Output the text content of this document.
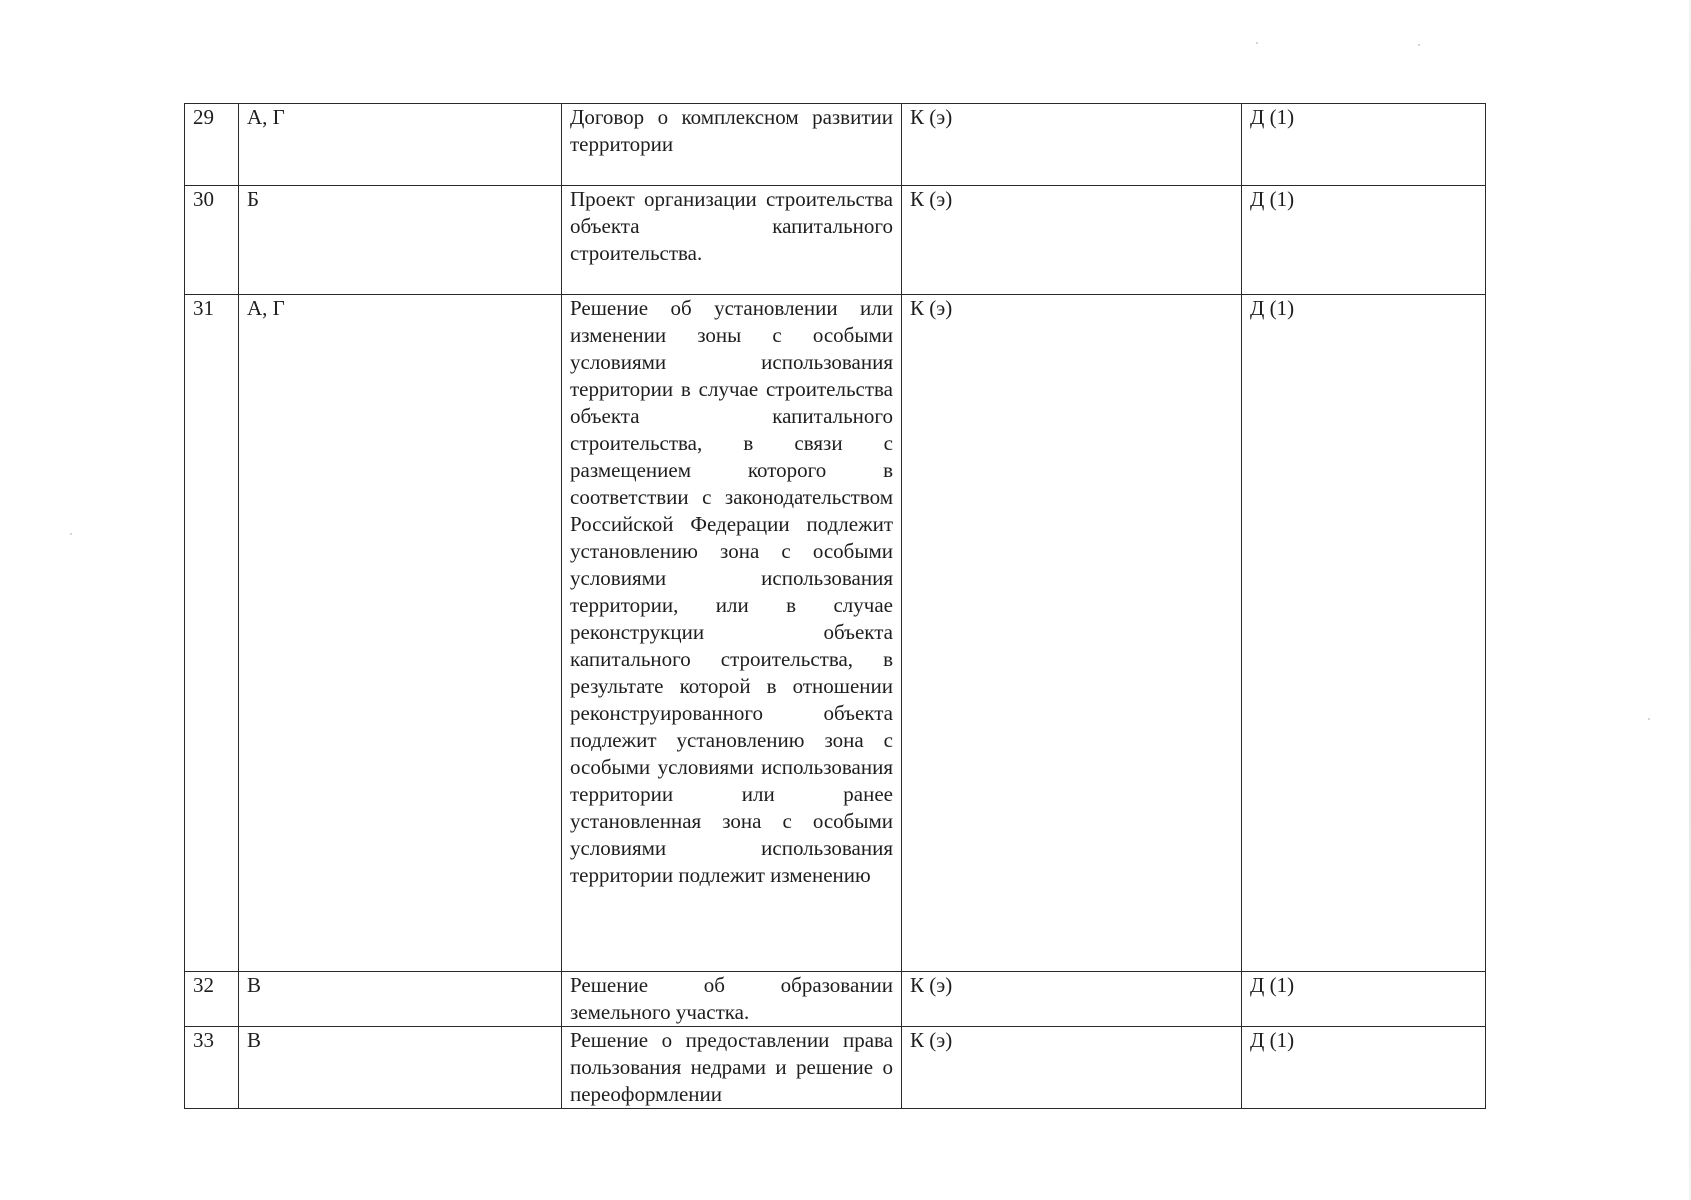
29	А, Г	Договор о комплексном развитии территории	К (э)	Д (1)
30	Б	Проект организации строительства объекта капитального строительства.	К (э)	Д (1)
31	А, Г	Решение об установлении или изменении зоны с особыми условиями использования территории в случае строительства объекта капитального строительства, в связи с размещением которого в соответствии с законодательством Российской Федерации подлежит установлению зона с особыми условиями использования территории, или в случае реконструкции объекта капитального строительства, в результате которой в отношении реконструированного объекта подлежит установлению зона с особыми условиями использования территории или ранее установленная зона с особыми условиями использования территории подлежит изменению	К (э)	Д (1)
32	В	Решение об образовании земельного участка.	К (э)	Д (1)
33	В	Решение о предоставлении права пользования недрами и решение о переоформлении	К (э)	Д (1)
